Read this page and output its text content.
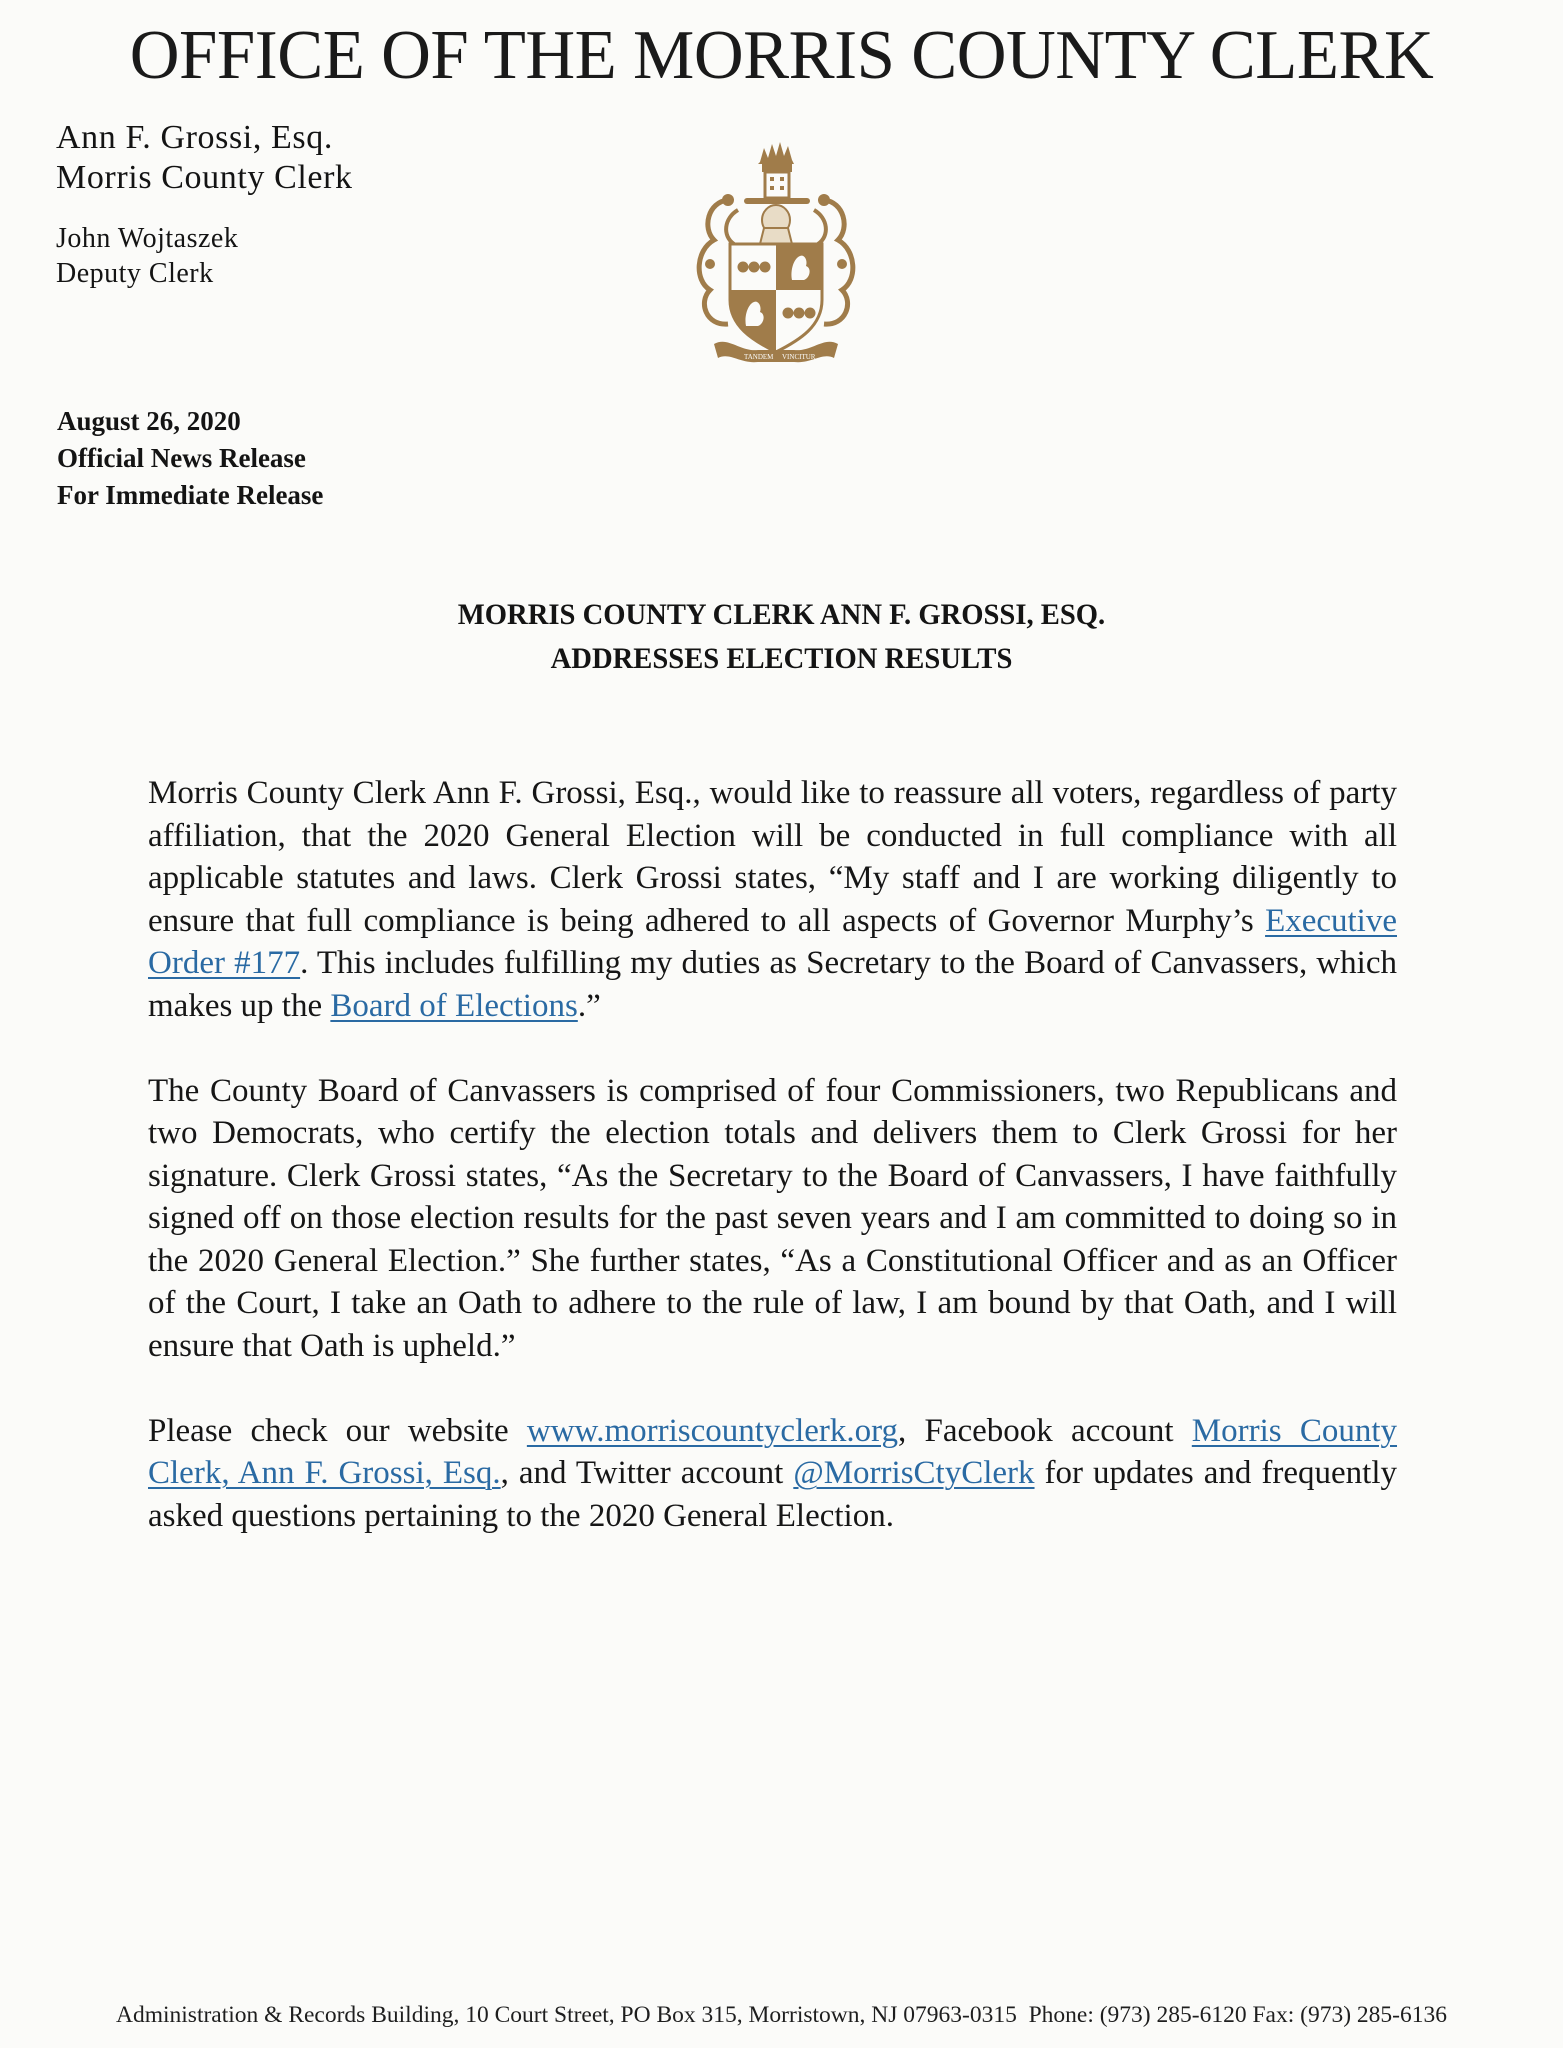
OFFICE OF THE MORRIS COUNTY CLERK
Ann F. Grossi, Esq.
Morris County Clerk
John Wojtaszek
Deputy Clerk
TANDEM VINCITUR
August 26, 2020
Official News Release
For Immediate Release
MORRIS COUNTY CLERK ANN F. GROSSI, ESQ.
ADDRESSES ELECTION RESULTS

Morris County Clerk Ann F. Grossi, Esq., would like to reassure all voters, regardless of party affiliation, that the 2020 General Election will be conducted in full compliance with all applicable statutes and laws. Clerk Grossi states, “My staff and I are working diligently to ensure that full compliance is being adhered to all aspects of Governor Murphy’s Executive Order #177. This includes fulfilling my duties as Secretary to the Board of Canvassers, which makes up the Board of Elections.”

The County Board of Canvassers is comprised of four Commissioners, two Republicans and two Democrats, who certify the election totals and delivers them to Clerk Grossi for her signature. Clerk Grossi states, “As the Secretary to the Board of Canvassers, I have faithfully signed off on those election results for the past seven years and I am committed to doing so in the 2020 General Election.” She further states, “As a Constitutional Officer and as an Officer of the Court, I take an Oath to adhere to the rule of law, I am bound by that Oath, and I will ensure that Oath is upheld.”

Please check our website www.morriscountyclerk.org, Facebook account Morris County Clerk, Ann F. Grossi, Esq., and Twitter account @MorrisCtyClerk for updates and frequently asked questions pertaining to the 2020 General Election.

Administration & Records Building, 10 Court Street, PO Box 315, Morristown, NJ 07963-0315 Phone: (973) 285-6120 Fax: (973) 285-6136
